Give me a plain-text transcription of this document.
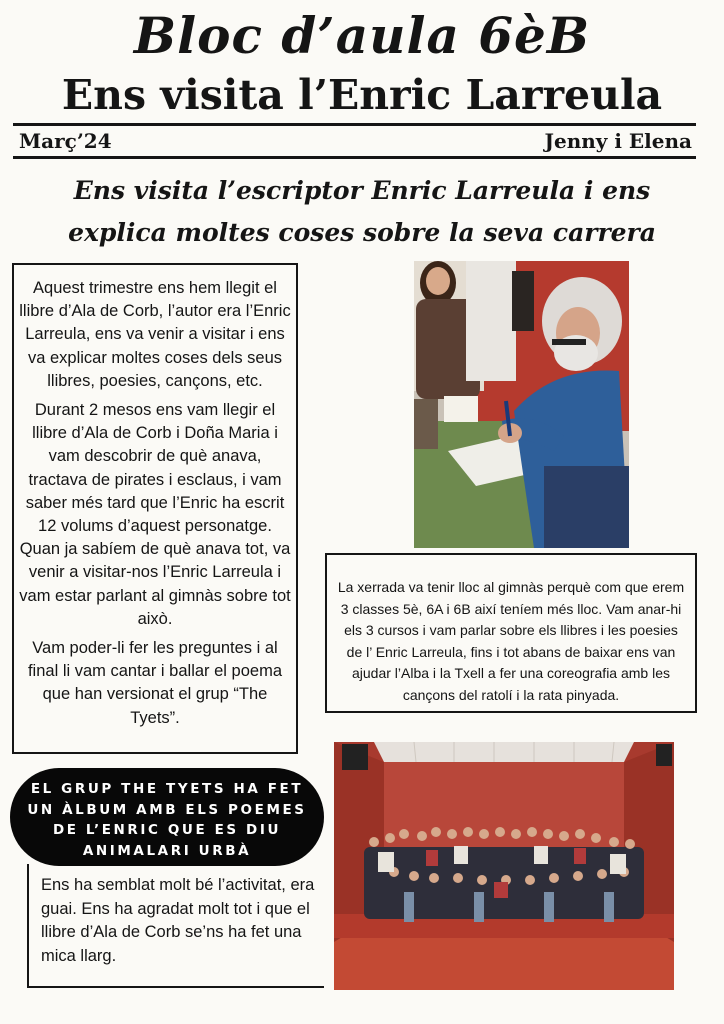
Bloc d’aula 6èB
Ens visita l’Enric Larreula
Març’24	Jenny i Elena
Ens visita l’escriptor Enric Larreula i ens explica moltes coses sobre la seva carrera

Aquest trimestre ens hem llegit el llibre d’Ala de Corb, l’autor era l’Enric Larreula, ens va venir a visitar i ens va explicar moltes coses dels seus llibres, poesies, cançons, etc.

Durant 2 mesos ens vam llegir el llibre d’Ala de Corb i Doña Maria i vam descobrir de què anava, tractava de pirates i esclaus, i vam saber més tard que l’Enric ha escrit 12 volums d’aquest personatge. Quan ja sabíem de què anava tot, va venir a visitar-nos l’Enric Larreula i vam estar parlant al gimnàs sobre tot això.

Vam poder-li fer les preguntes i al final li vam cantar i ballar el poema que han versionat el grup “The Tyets”.

La xerrada va tenir lloc al gimnàs perquè com que erem 3 classes 5è, 6A i 6B així teníem més lloc. Vam anar-hi els 3 cursos i vam parlar sobre els llibres i les poesies de l’ Enric Larreula, fins i tot abans de baixar ens van ajudar l’Alba i la Txell a fer una coreografia amb les cançons del ratolí i la rata pinyada.

EL GRUP THE TYETS HA FET UN ÀLBUM AMB ELS POEMES DE L’ENRIC QUE ES DIU ANIMALARI URBÀ

Ens ha semblat molt bé l’activitat, era guai. Ens ha agradat molt tot i que el llibre d’Ala de Corb se’ns ha fet una mica llarg.
